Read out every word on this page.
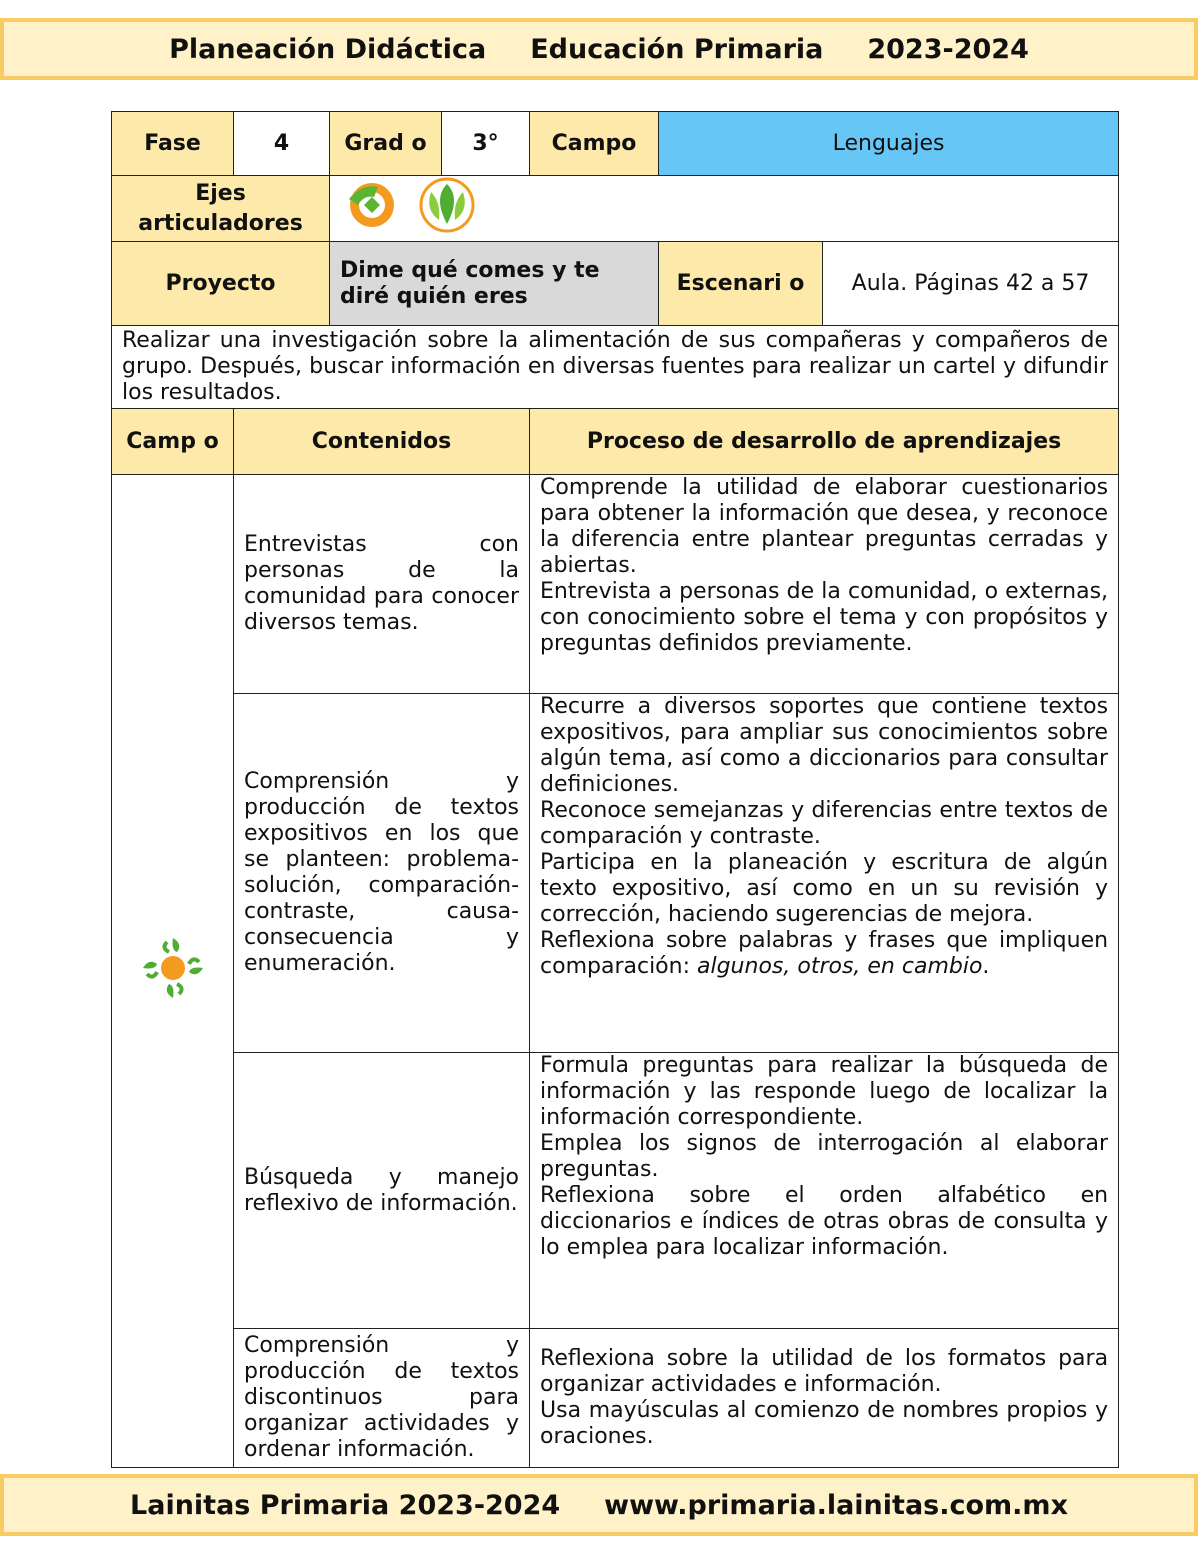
Planeación Didáctica Educación Primaria 2023-2024
Fase	4	Grad o	3°	Campo	Lenguajes	
Ejes articuladores	
Proyecto		Dime qué comes y te diré quién eres			Escenari o	Aula. Páginas 42 a 57
Realizar una investigación sobre la alimentación de sus compañeras y compañeros de grupo. Después, buscar información en diversas fuentes para realizar un cartel y difundir los resultados.						
Camp o	Contenidos			Proceso de desarrollo de aprendizajes		
	Entrevistas con personas de la comunidad para conocer diversos temas.			Comprende la utilidad de elaborar cuestionarios para obtener la información que desea, y reconoce la diferencia entre plantear preguntas cerradas y abiertas.

Entrevista a personas de la comunidad, o externas, con conocimiento sobre el tema y con propósitos y preguntas definidos previamente.		

	Comprensión y producción de textos expositivos en los que se planteen: problema-solución, comparación-contraste, causa-consecuencia y enumeración.			Recurre a diversos soportes que contiene textos expositivos, para ampliar sus conocimientos sobre algún tema, así como a diccionarios para consultar definiciones.

Reconoce semejanzas y diferencias entre textos de comparación y contraste.

Participa en la planeación y escritura de algún texto expositivo, así como en un su revisión y corrección, haciendo sugerencias de mejora.

Reflexiona sobre palabras y frases que impliquen comparación: algunos, otros, en cambio.		

	Búsqueda y manejo reflexivo de información.			Formula preguntas para realizar la búsqueda de información y las responde luego de localizar la información correspondiente.

Emplea los signos de interrogación al elaborar preguntas.

Reflexiona sobre el orden alfabético en diccionarios e índices de otras obras de consulta y lo emplea para localizar información.		

	Comprensión y producción de textos discontinuos para organizar actividades y ordenar información.			Reflexiona sobre la utilidad de los formatos para organizar actividades e información.

Usa mayúsculas al comienzo de nombres propios y oraciones.		

Lainitas Primaria 2023-2024 www.primaria.lainitas.com.mx
